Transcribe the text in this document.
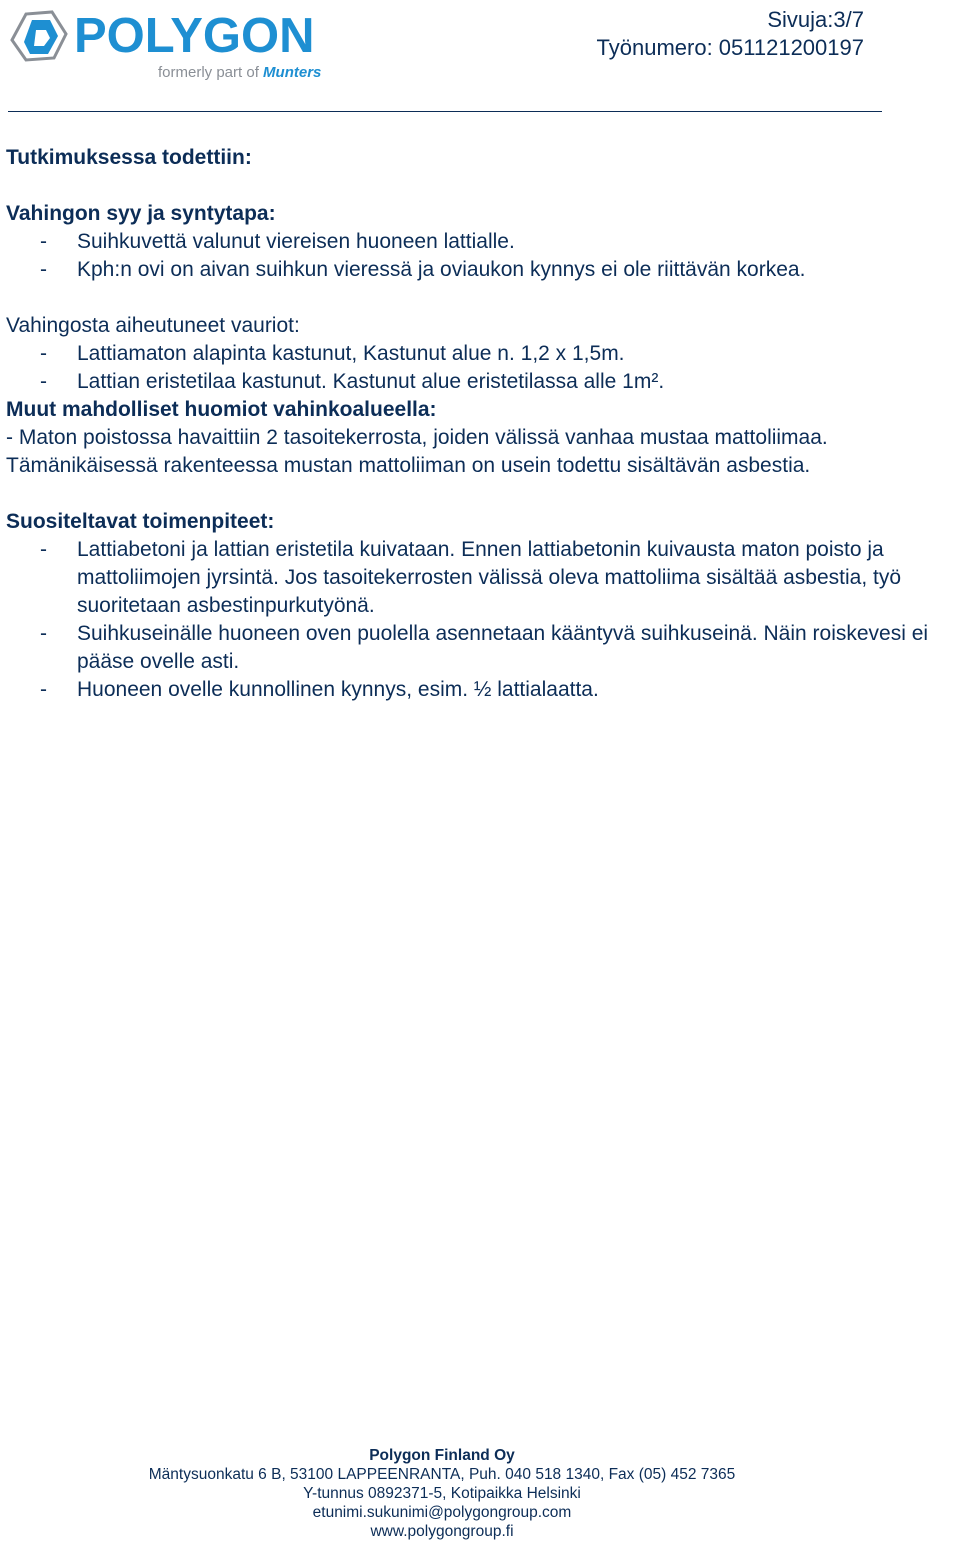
POLYGON
formerly part of Munters
Sivuja:3/7
Työnumero: 051121200197
Tutkimuksessa todettiin:
Vahingon syy ja syntytapa:
- Suihkuvettä valunut viereisen huoneen lattialle.
- Kph:n ovi on aivan suihkun vieressä ja oviaukon kynnys ei ole riittävän korkea.
Vahingosta aiheutuneet vauriot:
- Lattiamaton alapinta kastunut, Kastunut alue n. 1,2 x 1,5m.
- Lattian eristetilaa kastunut. Kastunut alue eristetilassa alle 1m².
Muut mahdolliset huomiot vahinkoalueella:
- Maton poistossa havaittiin 2 tasoitekerrosta, joiden välissä vanhaa mustaa mattoliimaa.
Tämänikäisessä rakenteessa mustan mattoliiman on usein todettu sisältävän asbestia.
Suositeltavat toimenpiteet:
- Lattiabetoni ja lattian eristetila kuivataan. Ennen lattiabetonin kuivausta maton poisto ja mattoliimojen jyrsintä. Jos tasoitekerrosten välissä oleva mattoliima sisältää asbestia, työ suoritetaan asbestinpurkutyönä.
- Suihkuseinälle huoneen oven puolella asennetaan kääntyvä suihkuseinä. Näin roiskevesi ei pääse ovelle asti.
- Huoneen ovelle kunnollinen kynnys, esim. ½ lattialaatta.
Polygon Finland Oy
Mäntysuonkatu 6 B, 53100 LAPPEENRANTA, Puh. 040 518 1340, Fax (05) 452 7365
Y-tunnus 0892371-5, Kotipaikka Helsinki
etunimi.sukunimi@polygongroup.com
www.polygongroup.fi
